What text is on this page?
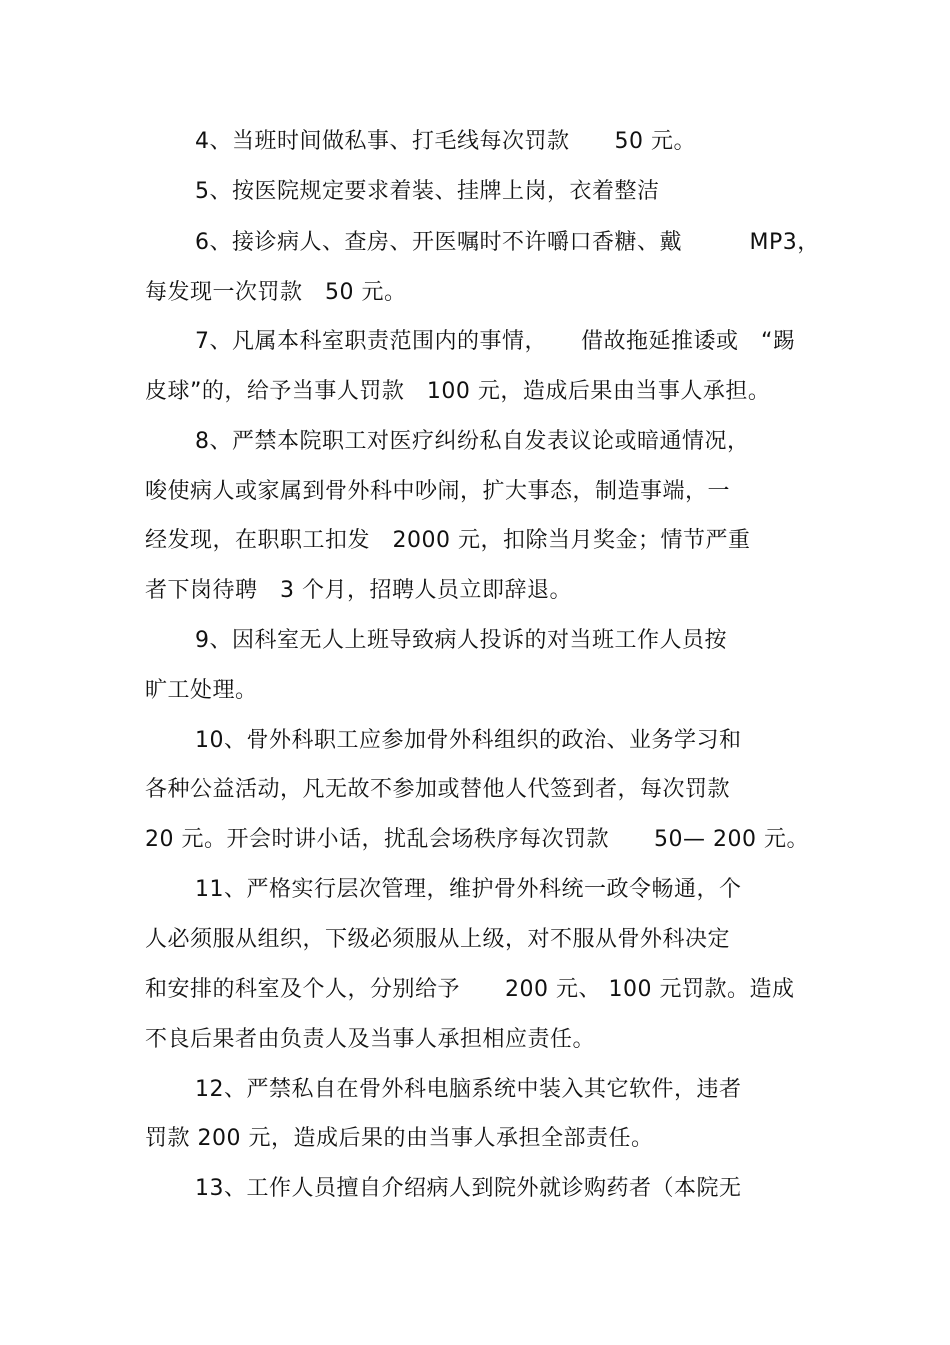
4、当班时间做私事、打毛线每次罚款　　50 元。
5、按医院规定要求着装、挂牌上岗，衣着整洁
6、接诊病人、查房、开医嘱时不许嚼口香糖、戴　　　MP3，
每发现一次罚款　50 元。
7、凡属本科室职责范围内的事情，　　借故拖延推诿或　“踢
皮球”的，给予当事人罚款　100 元，造成后果由当事人承担。
8、严禁本院职工对医疗纠纷私自发表议论或暗通情况，
唆使病人或家属到骨外科中吵闹，扩大事态，制造事端，一
经发现，在职职工扣发　2000 元，扣除当月奖金；情节严重
者下岗待聘　3 个月，招聘人员立即辞退。
9、因科室无人上班导致病人投诉的对当班工作人员按
旷工处理。
10、骨外科职工应参加骨外科组织的政治、业务学习和
各种公益活动，凡无故不参加或替他人代签到者，每次罚款
20 元。开会时讲小话，扰乱会场秩序每次罚款　　50— 200 元。
11、严格实行层次管理，维护骨外科统一政令畅通，个
人必须服从组织，下级必须服从上级，对不服从骨外科决定
和安排的科室及个人，分别给予　　200 元、 100 元罚款。造成
不良后果者由负责人及当事人承担相应责任。
12、严禁私自在骨外科电脑系统中装入其它软件，违者
罚款 200 元，造成后果的由当事人承担全部责任。
13、工作人员擅自介绍病人到院外就诊购药者（本院无
